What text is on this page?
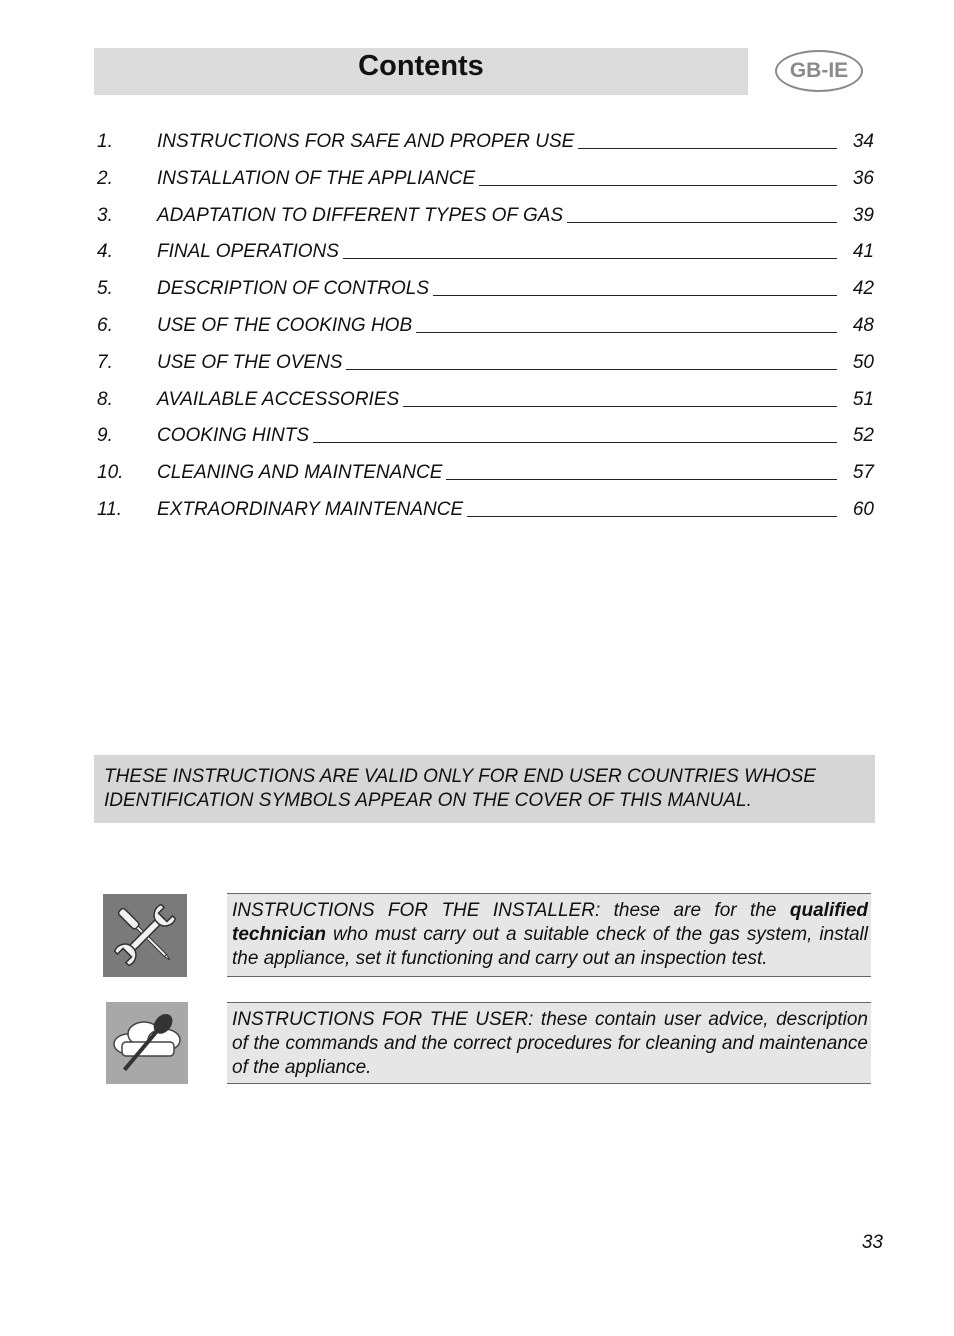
Contents	GB-IE
1.	INSTRUCTIONS FOR SAFE AND PROPER USE	34
2.	INSTALLATION OF THE APPLIANCE	36
3.	ADAPTATION TO DIFFERENT TYPES OF GAS	39
4.	FINAL OPERATIONS	41
5.	DESCRIPTION OF CONTROLS	42
6.	USE OF THE COOKING HOB	48
7.	USE OF THE OVENS	50
8.	AVAILABLE ACCESSORIES	51
9.	COOKING HINTS	52
10.	CLEANING AND MAINTENANCE	57
11.	EXTRAORDINARY MAINTENANCE	60
THESE INSTRUCTIONS ARE VALID ONLY FOR END USER COUNTRIES WHOSE IDENTIFICATION SYMBOLS APPEAR ON THE COVER OF THIS MANUAL.
INSTRUCTIONS FOR THE INSTALLER: these are for the qualified technician who must carry out a suitable check of the gas system, install the appliance, set it functioning and carry out an inspection test.
INSTRUCTIONS FOR THE USER: these contain user advice, description of the commands and the correct procedures for cleaning and maintenance of the appliance.
33
